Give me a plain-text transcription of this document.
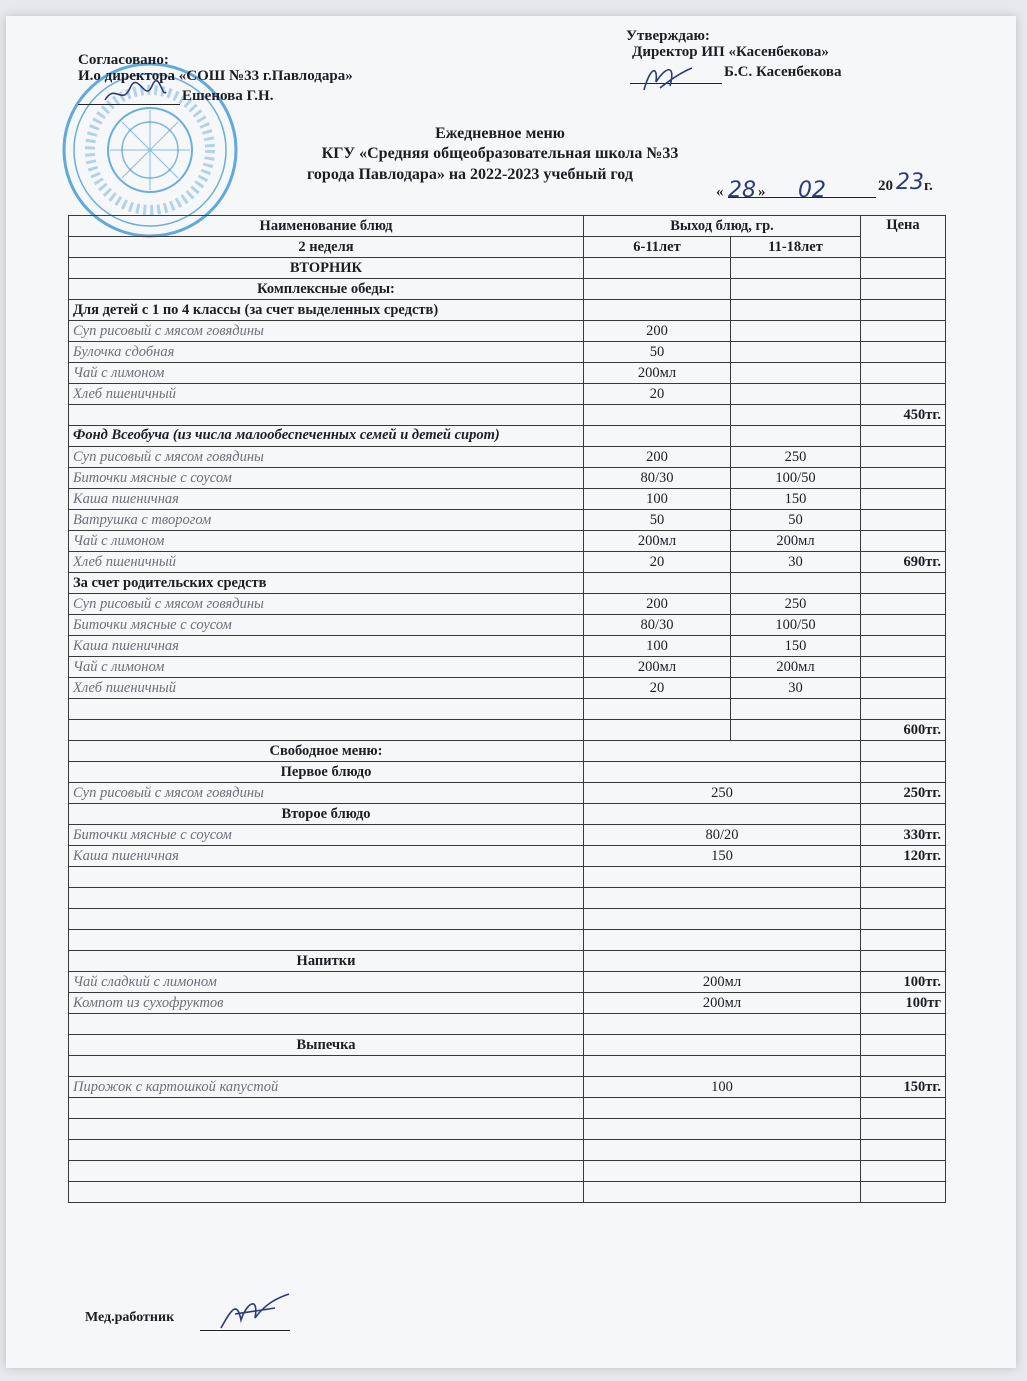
Согласовано:
И.о директора «СОШ №33 г.Павлодара»
Ешенова Г.Н.
Утверждаю:
Директор ИП «Касенбекова»
Б.С. Касенбекова
Ежедневное меню
КГУ «Средняя общеобразовательная школа №33
города Павлодара» на 2022-2023 учебный год
« 28 » 02	20 23 г.
Наименование блюд	Выход блюд, гр.		Цена
2 неделя	6-11лет	11-18лет	
ВТОРНИК			
Комплексные обеды:			
Для детей с 1 по 4 классы (за счет выделенных средств)			
Суп рисовый с мясом говядины	200		
Булочка сдобная	50		
Чай с лимоном	200мл		
Хлеб пшеничный	20		
			450тг.
Фонд Всеобуча (из числа малообеспеченных семей и детей сирот)			
Суп рисовый с мясом говядины	200	250	
Биточки мясные с соусом	80/30	100/50	
Каша пшеничная	100	150	
Ватрушка с творогом	50	50	
Чай с лимоном	200мл	200мл	
Хлеб пшеничный	20	30	690тг.
За счет родительских средств			
Суп рисовый с мясом говядины	200	250	
Биточки мясные с соусом	80/30	100/50	
Каша пшеничная	100	150	
Чай с лимоном	200мл	200мл	
Хлеб пшеничный	20	30	

			600тг.
Свободное меню:			
Первое блюдо			
Суп рисовый с мясом говядины	250		250тг.
Второе блюдо			
Биточки мясные с соусом	80/20		330тг.
Каша пшеничная	150		120тг.

Напитки			
Чай сладкий с лимоном	200мл		100тг.
Компот из сухофруктов	200мл		100тг

Выпечка			

Пирожок с картошкой капустой	100		150тг.

Мед.работник
